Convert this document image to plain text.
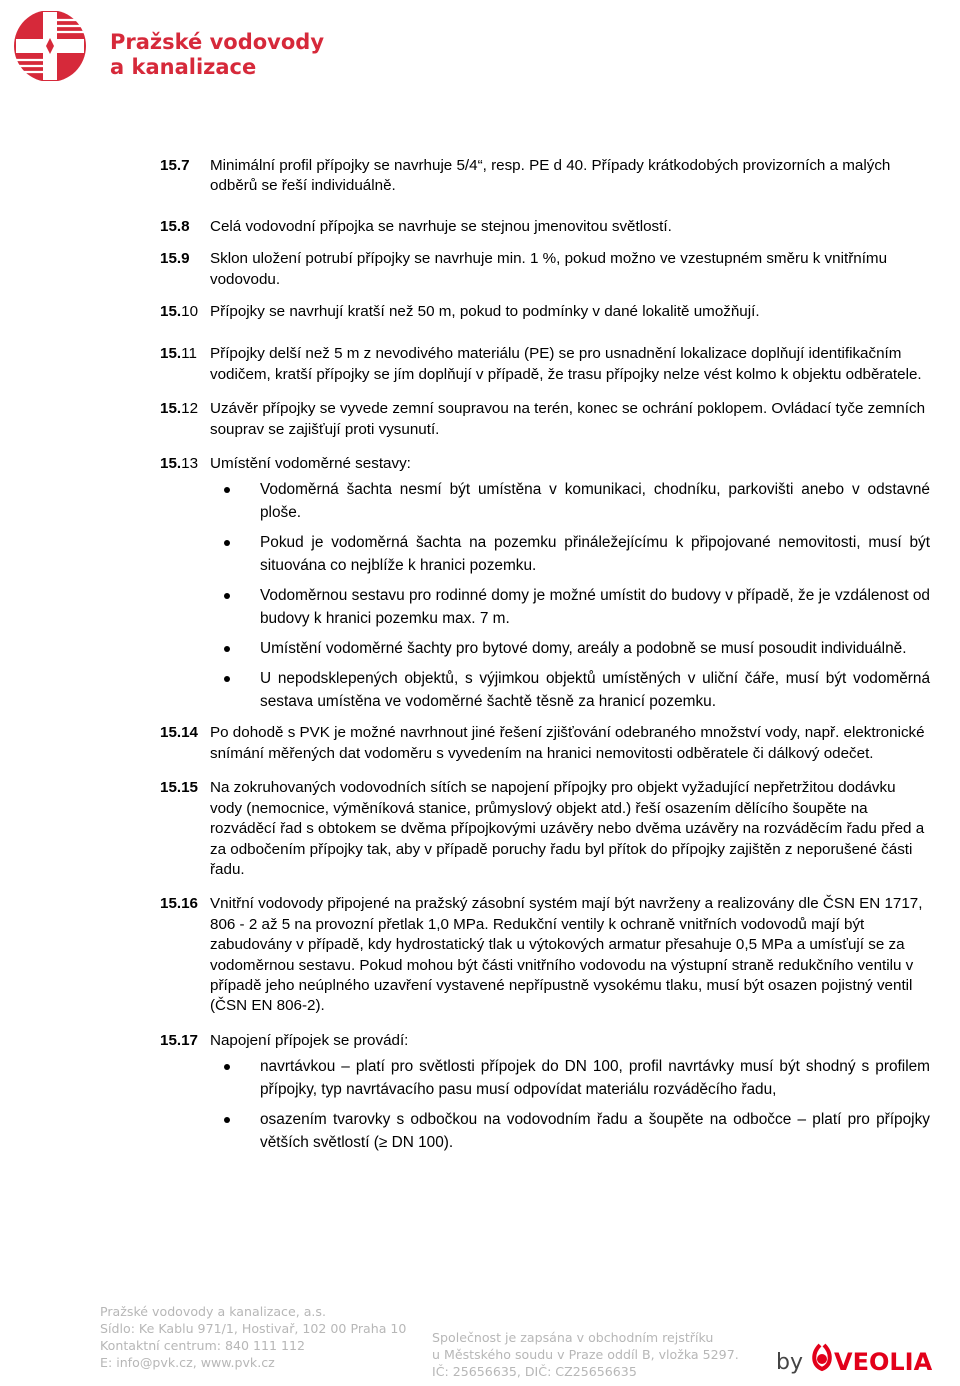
Pražské vodovody
a kanalizace
15.7 Minimální profil přípojky se navrhuje 5/4“, resp. PE d 40. Případy krátkodobých provizorních a malých odběrů se řeší individuálně.

15.8 Celá vodovodní přípojka se navrhuje se stejnou jmenovitou světlostí.

15.9 Sklon uložení potrubí přípojky se navrhuje min. 1 %, pokud možno ve vzestupném směru k vnitřnímu vodovodu.

15.10 Přípojky se navrhují kratší než 50 m, pokud to podmínky v dané lokalitě umožňují.

15.11 Přípojky delší než 5 m z nevodivého materiálu (PE) se pro usnadnění lokalizace doplňují identifikačním vodičem, kratší přípojky se jím doplňují v případě, že trasu přípojky nelze vést kolmo k objektu odběratele.

15.12 Uzávěr přípojky se vyvede zemní soupravou na terén, konec se ochrání poklopem. Ovládací tyče zemních souprav se zajišťují proti vysunutí.

15.13 Umístění vodoměrné sestavy:

Vodoměrná šachta nesmí být umístěna v komunikaci, chodníku, parkovišti anebo v odstavné ploše.
Pokud je vodoměrná šachta na pozemku přináležejícímu k připojované nemovitosti, musí být situována co nejblíže k hranici pozemku.
Vodoměrnou sestavu pro rodinné domy je možné umístit do budovy v případě, že je vzdálenost od budovy k hranici pozemku max. 7 m.
Umístění vodoměrné šachty pro bytové domy, areály a podobně se musí posoudit individuálně.
U nepodsklepených objektů, s výjimkou objektů umístěných v uliční čáře, musí být vodoměrná sestava umístěna ve vodoměrné šachtě těsně za hranicí pozemku.
15.14 Po dohodě s PVK je možné navrhnout jiné řešení zjišťování odebraného množství vody, např. elektronické snímání měřených dat vodoměru s vyvedením na hranici nemovitosti odběratele či dálkový odečet.

15.15 Na zokruhovaných vodovodních sítích se napojení přípojky pro objekt vyžadující nepřetržitou dodávku vody (nemocnice, výměníková stanice, průmyslový objekt atd.) řeší osazením dělícího šoupěte na rozváděcí řad s obtokem se dvěma přípojkovými uzávěry nebo dvěma uzávěry na rozváděcím řadu před a za odbočením přípojky tak, aby v případě poruchy řadu byl přítok do přípojky zajištěn z neporušené části řadu.

15.16 Vnitřní vodovody připojené na pražský zásobní systém mají být navrženy a realizovány dle ČSN EN 1717, 806 - 2 až 5 na provozní přetlak 1,0 MPa. Redukční ventily k ochraně vnitřních vodovodů mají být zabudovány v případě, kdy hydrostatický tlak u výtokových armatur přesahuje 0,5 MPa a umísťují se za vodoměrnou sestavu. Pokud mohou být části vnitřního vodovodu na výstupní straně redukčního ventilu v případě jeho neúplného uzavření vystavené nepřípustně vysokému tlaku, musí být osazen pojistný ventil (ČSN EN 806-2).

15.17 Napojení přípojek se provádí:

navrtávkou – platí pro světlosti přípojek do DN 100, profil navrtávky musí být shodný s profilem přípojky, typ navrtávacího pasu musí odpovídat materiálu rozváděcího řadu,
osazením tvarovky s odbočkou na vodovodním řadu a šoupěte na odbočce – platí pro přípojky větších světlostí (≥ DN 100).
Pražské vodovody a kanalizace, a.s.
Sídlo: Ke Kablu 971/1, Hostivař, 102 00 Praha 10
Kontaktní centrum: 840 111 112
E: info@pvk.cz, www.pvk.cz
Společnost je zapsána v obchodním rejstříku
u Městského soudu v Praze oddíl B, vložka 5297.
IČ: 25656635, DIČ: CZ25656635	by VEOLIA
